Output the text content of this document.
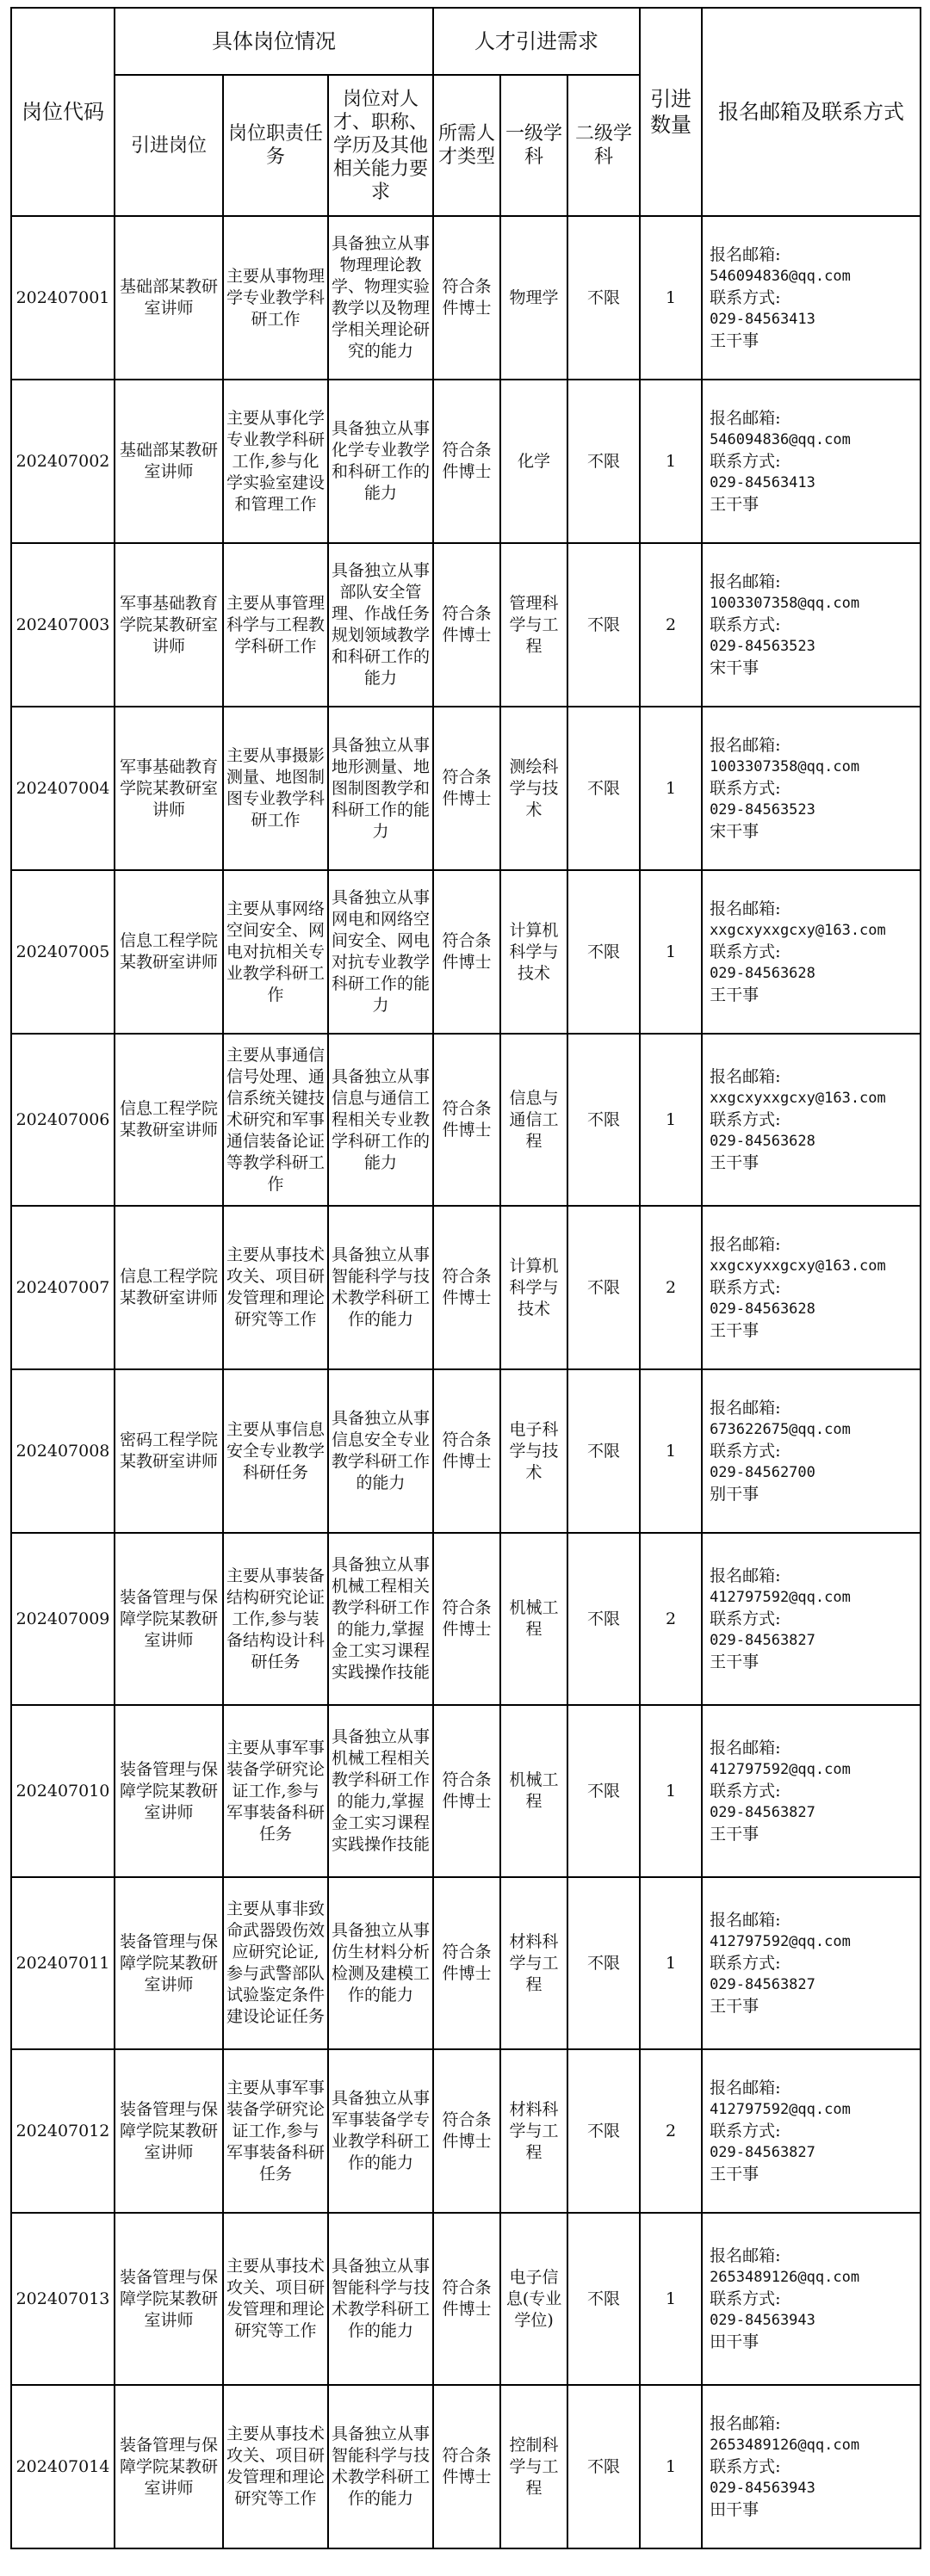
岗位代码	具体岗位情况			人才引进需求			引进数量	报名邮箱及联系方式
	引进岗位	岗位职责任务	岗位对人才、职称、学历及其他相关能力要求	所需人才类型	一级学科	二级学科		
202407001	基础部某教研室讲师	主要从事物理学专业教学科研工作	具备独立从事物理理论教学、物理实验教学以及物理学相关理论研究的能力	符合条件博士	物理学	不限	1	报名邮箱:
546094836@qq.com
联系方式:
029-84563413
王干事

202407002	基础部某教研室讲师	主要从事化学专业教学科研工作,参与化学实验室建设和管理工作	具备独立从事化学专业教学和科研工作的能力	符合条件博士	化学	不限	1	报名邮箱:
546094836@qq.com
联系方式:
029-84563413
王干事

202407003	军事基础教育学院某教研室讲师	主要从事管理科学与工程教学科研工作	具备独立从事部队安全管理、作战任务规划领域教学和科研工作的能力	符合条件博士	管理科学与工程	不限	2	报名邮箱:
1003307358@qq.com
联系方式:
029-84563523
宋干事

202407004	军事基础教育学院某教研室讲师	主要从事摄影测量、地图制图专业教学科研工作	具备独立从事地形测量、地图制图教学和科研工作的能力	符合条件博士	测绘科学与技术	不限	1	报名邮箱:
1003307358@qq.com
联系方式:
029-84563523
宋干事

202407005	信息工程学院某教研室讲师	主要从事网络空间安全、网电对抗相关专业教学科研工作	具备独立从事网电和网络空间安全、网电对抗专业教学科研工作的能力	符合条件博士	计算机科学与技术	不限	1	报名邮箱:
xxgcxyxxgcxy@163.com
联系方式:
029-84563628
王干事

202407006	信息工程学院某教研室讲师	主要从事通信信号处理、通信系统关键技术研究和军事通信装备论证等教学科研工作	具备独立从事信息与通信工程相关专业教学科研工作的能力	符合条件博士	信息与通信工程	不限	1	报名邮箱:
xxgcxyxxgcxy@163.com
联系方式:
029-84563628
王干事

202407007	信息工程学院某教研室讲师	主要从事技术攻关、项目研发管理和理论研究等工作	具备独立从事智能科学与技术教学科研工作的能力	符合条件博士	计算机科学与技术	不限	2	报名邮箱:
xxgcxyxxgcxy@163.com
联系方式:
029-84563628
王干事

202407008	密码工程学院某教研室讲师	主要从事信息安全专业教学科研任务	具备独立从事信息安全专业教学科研工作的能力	符合条件博士	电子科学与技术	不限	1	报名邮箱:
673622675@qq.com
联系方式:
029-84562700
别干事

202407009	装备管理与保障学院某教研室讲师	主要从事装备结构研究论证工作,参与装备结构设计科研任务	具备独立从事机械工程相关教学科研工作的能力,掌握金工实习课程实践操作技能	符合条件博士	机械工程	不限	2	报名邮箱:
412797592@qq.com
联系方式:
029-84563827
王干事

202407010	装备管理与保障学院某教研室讲师	主要从事军事装备学研究论证工作,参与军事装备科研任务	具备独立从事机械工程相关教学科研工作的能力,掌握金工实习课程实践操作技能	符合条件博士	机械工程	不限	1	报名邮箱:
412797592@qq.com
联系方式:
029-84563827
王干事

202407011	装备管理与保障学院某教研室讲师	主要从事非致命武器毁伤效应研究论证,参与武警部队试验鉴定条件建设论证任务	具备独立从事仿生材料分析检测及建模工作的能力	符合条件博士	材料科学与工程	不限	1	报名邮箱:
412797592@qq.com
联系方式:
029-84563827
王干事

202407012	装备管理与保障学院某教研室讲师	主要从事军事装备学研究论证工作,参与军事装备科研任务	具备独立从事军事装备学专业教学科研工作的能力	符合条件博士	材料科学与工程	不限	2	报名邮箱:
412797592@qq.com
联系方式:
029-84563827
王干事

202407013	装备管理与保障学院某教研室讲师	主要从事技术攻关、项目研发管理和理论研究等工作	具备独立从事智能科学与技术教学科研工作的能力	符合条件博士	电子信息(专业学位)	不限	1	报名邮箱:
2653489126@qq.com
联系方式:
029-84563943
田干事

202407014	装备管理与保障学院某教研室讲师	主要从事技术攻关、项目研发管理和理论研究等工作	具备独立从事智能科学与技术教学科研工作的能力	符合条件博士	控制科学与工程	不限	1	报名邮箱:
2653489126@qq.com
联系方式:
029-84563943
田干事
